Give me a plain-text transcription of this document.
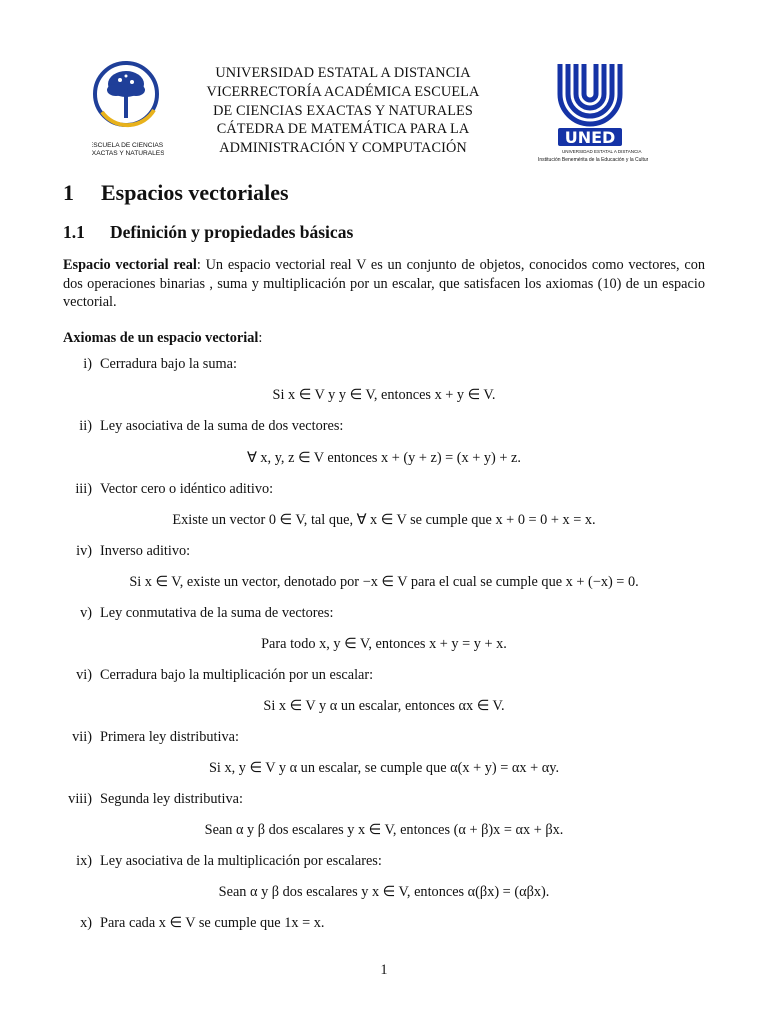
ESCUELA DE CIENCIAS
EXACTAS Y NATURALES
UNIVERSIDAD ESTATAL A DISTANCIA
VICERRECTORÍA ACADÉMICA ESCUELA
DE CIENCIAS EXACTAS Y NATURALES
CÁTEDRA DE MATEMÁTICA PARA LA
ADMINISTRACIÓN Y COMPUTACIÓN
UNED
UNIVERSIDAD ESTATAL A DISTANCIA
Institución Benemérita de la Educación y la Cultura
1 Espacios vectoriales
1.1 Definición y propiedades básicas
Espacio vectorial real: Un espacio vectorial real V es un conjunto de objetos, conocidos como vectores, con dos operaciones binarias , suma y multiplicación por un escalar, que satisfacen los axiomas (10) de un espacio vectorial.
Axiomas de un espacio vectorial:
i) Cerradura bajo la suma:
Si x ∈ V y y ∈ V, entonces x + y ∈ V.
ii) Ley asociativa de la suma de dos vectores:
∀ x, y, z ∈ V entonces x + (y + z) = (x + y) + z.
iii) Vector cero o idéntico aditivo:
Existe un vector 0 ∈ V, tal que, ∀ x ∈ V se cumple que x + 0 = 0 + x = x.
iv) Inverso aditivo:
Si x ∈ V, existe un vector, denotado por −x ∈ V para el cual se cumple que x + (−x) = 0.
v) Ley conmutativa de la suma de vectores:
Para todo x, y ∈ V, entonces x + y = y + x.
vi) Cerradura bajo la multiplicación por un escalar:
Si x ∈ V y α un escalar, entonces αx ∈ V.
vii) Primera ley distributiva:
Si x, y ∈ V y α un escalar, se cumple que α(x + y) = αx + αy.
viii) Segunda ley distributiva:
Sean α y β dos escalares y x ∈ V, entonces (α + β)x = αx + βx.
ix) Ley asociativa de la multiplicación por escalares:
Sean α y β dos escalares y x ∈ V, entonces α(βx) = (αβx).
x) Para cada x ∈ V se cumple que 1x = x.
1
